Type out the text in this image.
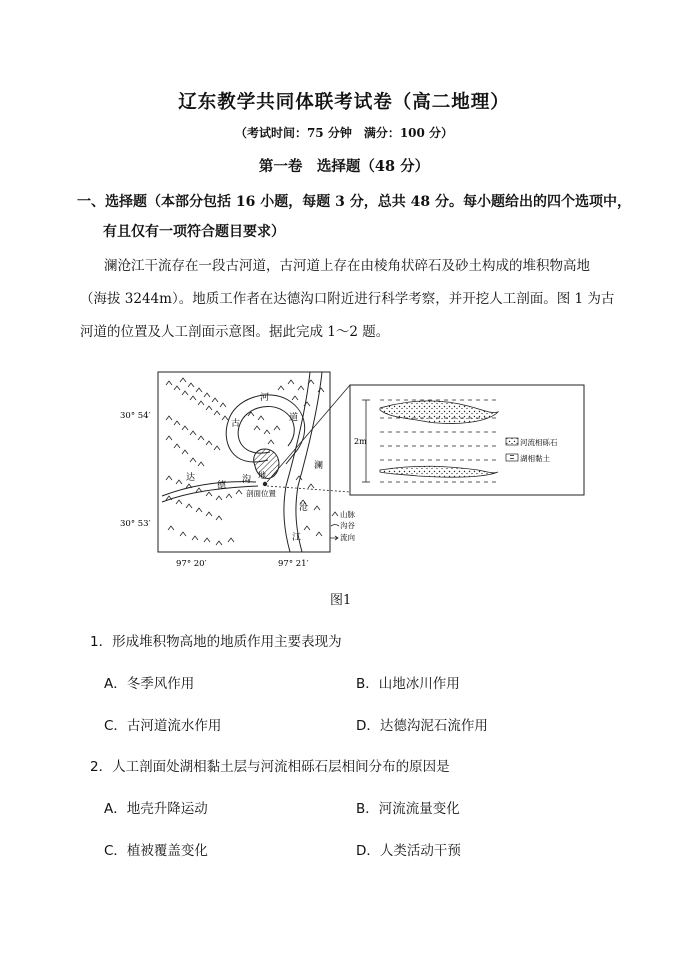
辽东教学共同体联考试卷（高二地理）
（考试时间：75 分钟　满分：100 分）
第一卷　选择题（48 分）
一、选择题（本部分包括 16 小题，每题 3 分，总共 48 分。每小题给出的四个选项中，
有且仅有一项符合题目要求）
澜沧江干流存在一段古河道，古河道上存在由棱角状碎石及砂土构成的堆积物高地
（海拔 3244m）。地质工作者在达德沟口附近进行科学考察，并开挖人工剖面。图 1 为古
河道的位置及人工剖面示意图。据此完成 1～2 题。
古
河
道
达
德
沟 地
剖面位置
澜
沧
江
30° 54′
30° 53′
97° 20′	97° 21′
山脉
沟谷
流向
2m	河流相砾石
湖相黏土
图1
1．形成堆积物高地的地质作用主要表现为
A．冬季风作用	B．山地冰川作用
C．古河道流水作用	D．达德沟泥石流作用
2．人工剖面处湖相黏土层与河流相砾石层相间分布的原因是
A．地壳升降运动	B．河流流量变化
C．植被覆盖变化	D．人类活动干预
